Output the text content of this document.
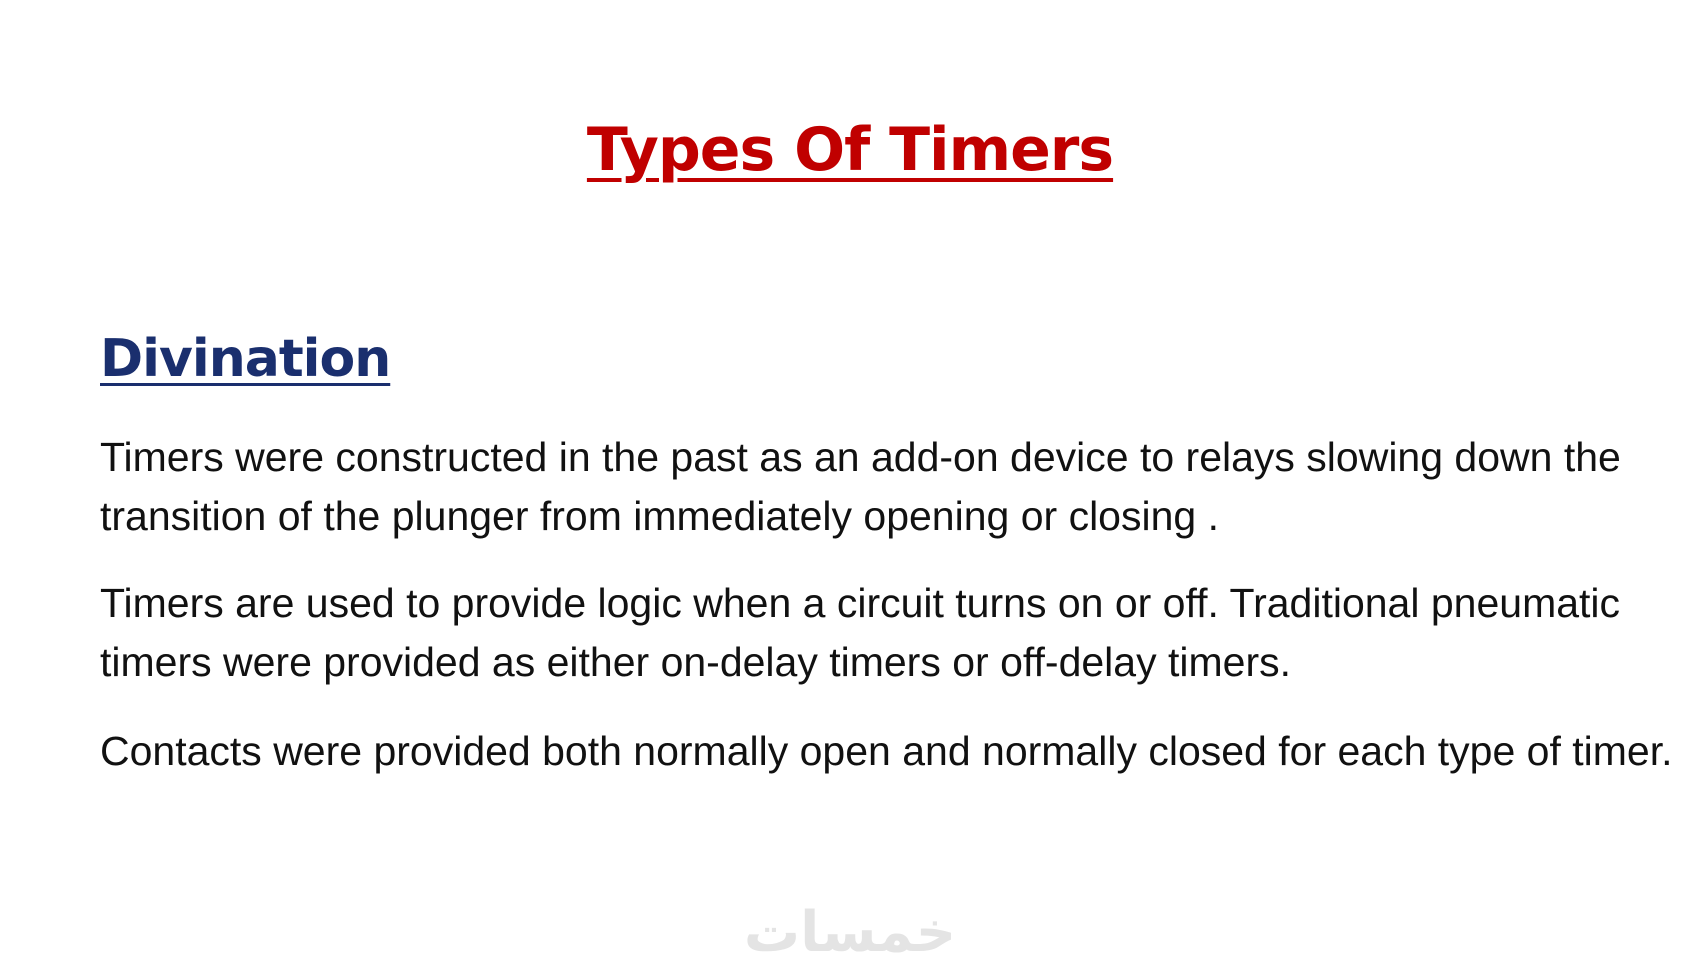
Types Of Timers
Divination

Timers were constructed in the past as an add-on device to relays slowing down the transition of the plunger from immediately opening or closing .

Timers are used to provide logic when a circuit turns on or off. Traditional pneumatic timers were provided as either on-delay timers or off-delay timers.

Contacts were provided both normally open and normally closed for each type of timer.

خمسات
